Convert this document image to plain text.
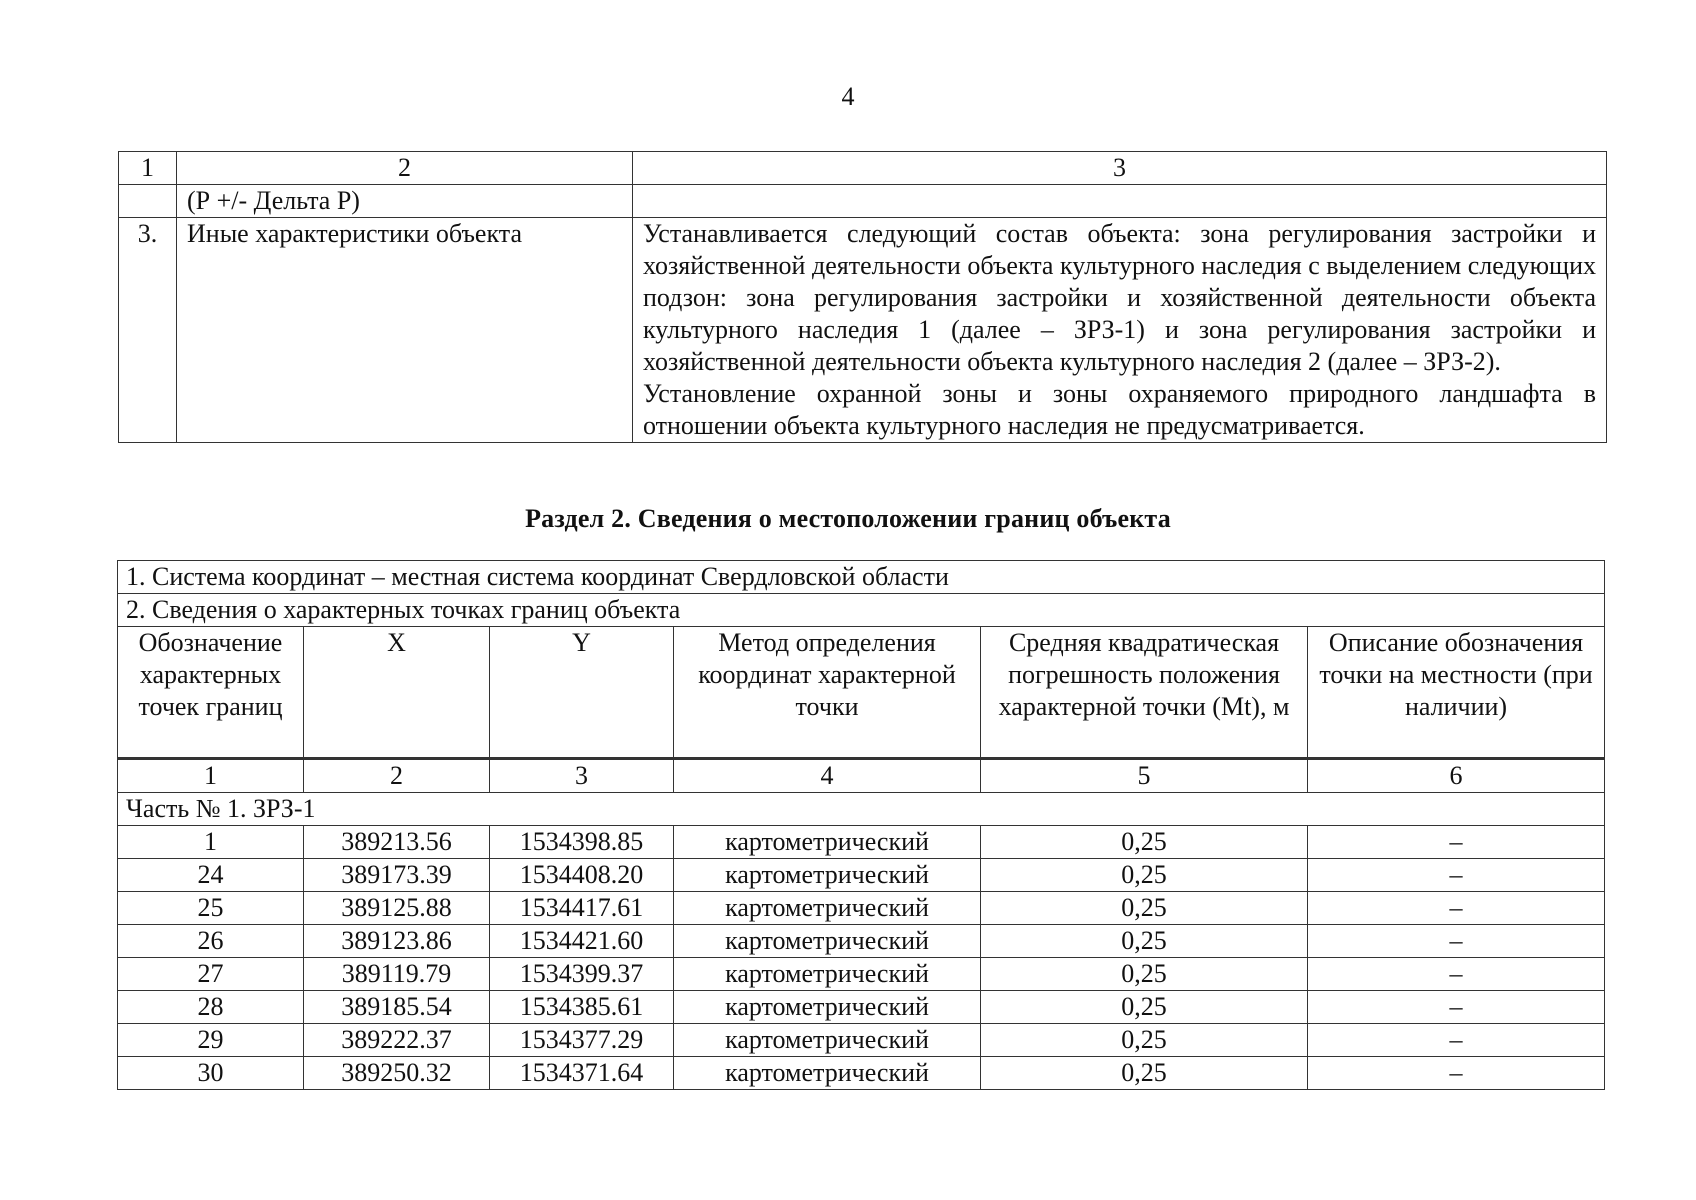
4
1	2	3
	(Р +/- Дельта Р)	
3.	Иные характеристики объекта	Устанавливается следующий состав объекта: зона регулирования застройки и хозяйственной деятельности объекта культурного наследия с выделением следующих подзон: зона регулирования застройки и хозяйственной деятельности объекта культурного наследия 1 (далее – ЗРЗ-1) и зона регулирования застройки и хозяйственной деятельности объекта культурного наследия 2 (далее – ЗРЗ-2).
Установление охранной зоны и зоны охраняемого природного ландшафта в отношении объекта культурного наследия не предусматривается.
Раздел 2. Сведения о местоположении границ объекта
1. Система координат – местная система координат Свердловской области					
2. Сведения о характерных точках границ объекта					
Обозначение характерных точек границ	X	Y	Метод определения координат характерной точки	Средняя квадратическая погрешность положения характерной точки (Mt), м	Описание обозначения точки на местности (при наличии)
1	2	3	4	5	6
Часть № 1. ЗРЗ-1					
1	389213.56	1534398.85	картометрический	0,25	–
24	389173.39	1534408.20	картометрический	0,25	–
25	389125.88	1534417.61	картометрический	0,25	–
26	389123.86	1534421.60	картометрический	0,25	–
27	389119.79	1534399.37	картометрический	0,25	–
28	389185.54	1534385.61	картометрический	0,25	–
29	389222.37	1534377.29	картометрический	0,25	–
30	389250.32	1534371.64	картометрический	0,25	–
